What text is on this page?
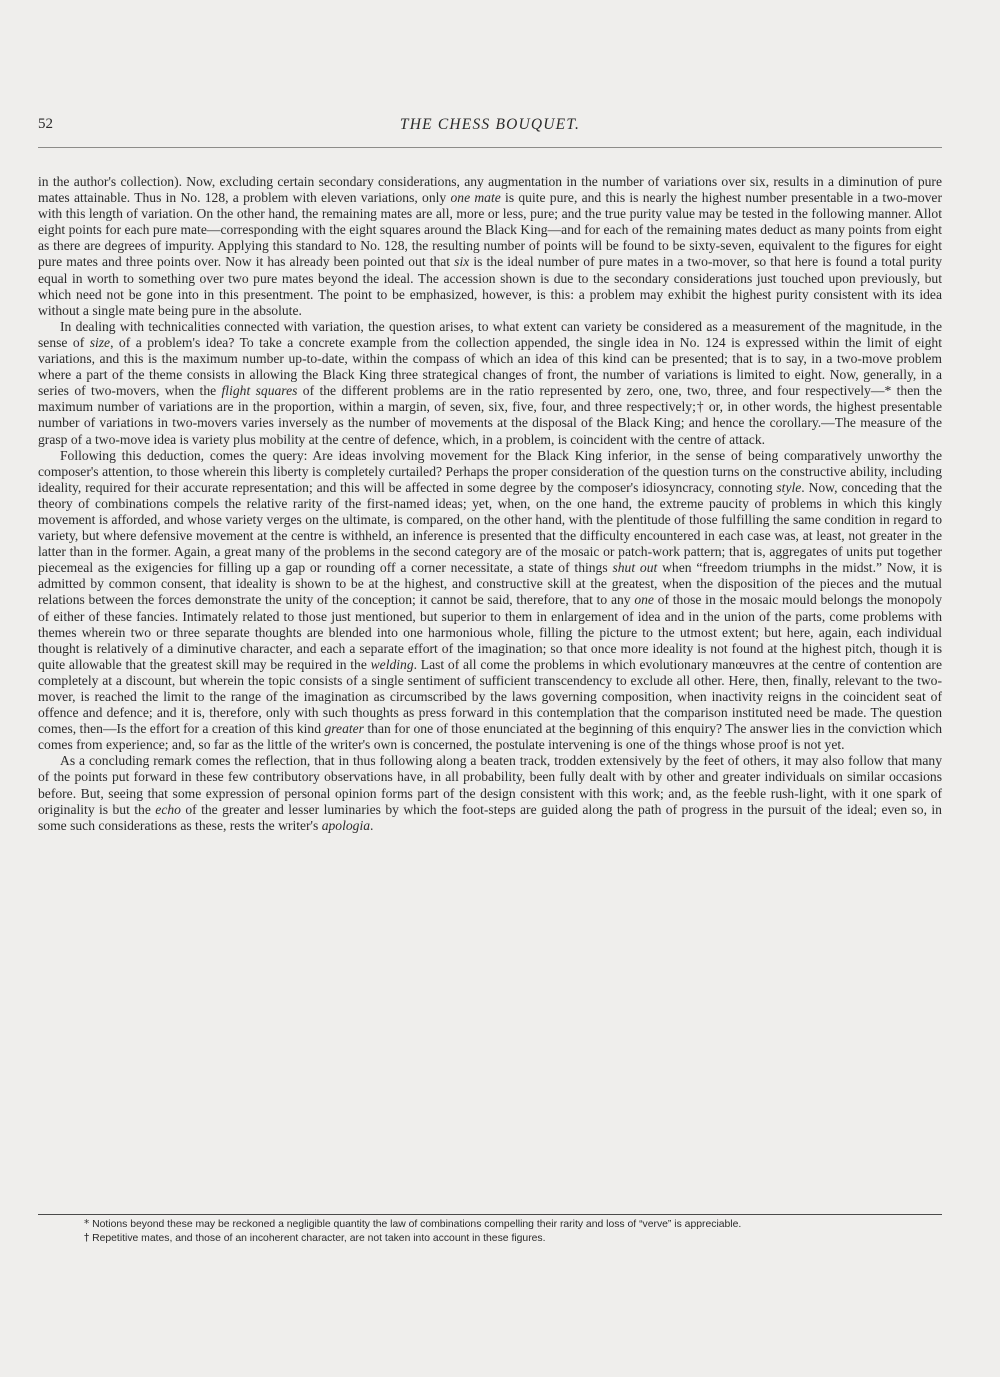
52	THE CHESS BOUQUET.

in the author's collection). Now, excluding certain secondary considerations, any augmentation in the number of variations over six, results in a diminution of pure mates attainable. Thus in No. 128, a problem with eleven variations, only one mate is quite pure, and this is nearly the highest number presentable in a two-mover with this length of variation. On the other hand, the remaining mates are all, more or less, pure; and the true purity value may be tested in the following manner. Allot eight points for each pure mate—corresponding with the eight squares around the Black King—and for each of the remaining mates deduct as many points from eight as there are degrees of impurity. Applying this standard to No. 128, the resulting number of points will be found to be sixty-seven, equivalent to the figures for eight pure mates and three points over. Now it has already been pointed out that six is the ideal number of pure mates in a two-mover, so that here is found a total purity equal in worth to something over two pure mates beyond the ideal. The accession shown is due to the secondary considerations just touched upon previously, but which need not be gone into in this presentment. The point to be emphasized, however, is this: a problem may exhibit the highest purity consistent with its idea without a single mate being pure in the absolute.

In dealing with technicalities connected with variation, the question arises, to what extent can variety be considered as a measurement of the magnitude, in the sense of size, of a problem's idea? To take a concrete example from the collection appended, the single idea in No. 124 is expressed within the limit of eight variations, and this is the maximum number up-to-date, within the compass of which an idea of this kind can be presented; that is to say, in a two-move problem where a part of the theme consists in allowing the Black King three strategical changes of front, the number of variations is limited to eight. Now, generally, in a series of two-movers, when the flight squares of the different problems are in the ratio represented by zero, one, two, three, and four respectively—* then the maximum number of variations are in the proportion, within a margin, of seven, six, five, four, and three respectively;† or, in other words, the highest presentable number of variations in two-movers varies inversely as the number of movements at the disposal of the Black King; and hence the corollary.—The measure of the grasp of a two-move idea is variety plus mobility at the centre of defence, which, in a problem, is coincident with the centre of attack.

Following this deduction, comes the query: Are ideas involving movement for the Black King inferior, in the sense of being comparatively unworthy the composer's attention, to those wherein this liberty is completely curtailed? Perhaps the proper consideration of the question turns on the constructive ability, including ideality, required for their accurate representation; and this will be affected in some degree by the composer's idiosyncracy, connoting style. Now, conceding that the theory of combinations compels the relative rarity of the first-named ideas; yet, when, on the one hand, the extreme paucity of problems in which this kingly movement is afforded, and whose variety verges on the ultimate, is compared, on the other hand, with the plentitude of those fulfilling the same condition in regard to variety, but where defensive movement at the centre is withheld, an inference is presented that the difficulty encountered in each case was, at least, not greater in the latter than in the former. Again, a great many of the problems in the second category are of the mosaic or patch-work pattern; that is, aggregates of units put together piecemeal as the exigencies for filling up a gap or rounding off a corner necessitate, a state of things shut out when “freedom triumphs in the midst.” Now, it is admitted by common consent, that ideality is shown to be at the highest, and constructive skill at the greatest, when the disposition of the pieces and the mutual relations between the forces demonstrate the unity of the conception; it cannot be said, therefore, that to any one of those in the mosaic mould belongs the monopoly of either of these fancies. Intimately related to those just mentioned, but superior to them in enlargement of idea and in the union of the parts, come problems with themes wherein two or three separate thoughts are blended into one harmonious whole, filling the picture to the utmost extent; but here, again, each individual thought is relatively of a diminutive character, and each a separate effort of the imagination; so that once more ideality is not found at the highest pitch, though it is quite allowable that the greatest skill may be required in the welding. Last of all come the problems in which evolutionary manœuvres at the centre of contention are completely at a discount, but wherein the topic consists of a single sentiment of sufficient transcendency to exclude all other. Here, then, finally, relevant to the two-mover, is reached the limit to the range of the imagination as circumscribed by the laws governing composition, when inactivity reigns in the coincident seat of offence and defence; and it is, therefore, only with such thoughts as press forward in this contemplation that the comparison instituted need be made. The question comes, then—Is the effort for a creation of this kind greater than for one of those enunciated at the beginning of this enquiry? The answer lies in the conviction which comes from experience; and, so far as the little of the writer's own is concerned, the postulate intervening is one of the things whose proof is not yet.

As a concluding remark comes the reflection, that in thus following along a beaten track, trodden extensively by the feet of others, it may also follow that many of the points put forward in these few contributory observations have, in all probability, been fully dealt with by other and greater individuals on similar occasions before. But, seeing that some expression of personal opinion forms part of the design consistent with this work; and, as the feeble rush-light, with it one spark of originality is but the echo of the greater and lesser luminaries by which the foot-steps are guided along the path of progress in the pursuit of the ideal; even so, in some such considerations as these, rests the writer's apologia.

* Notions beyond these may be reckoned a negligible quantity the law of combinations compelling their rarity and loss of “verve” is appreciable.

† Repetitive mates, and those of an incoherent character, are not taken into account in these figures.
